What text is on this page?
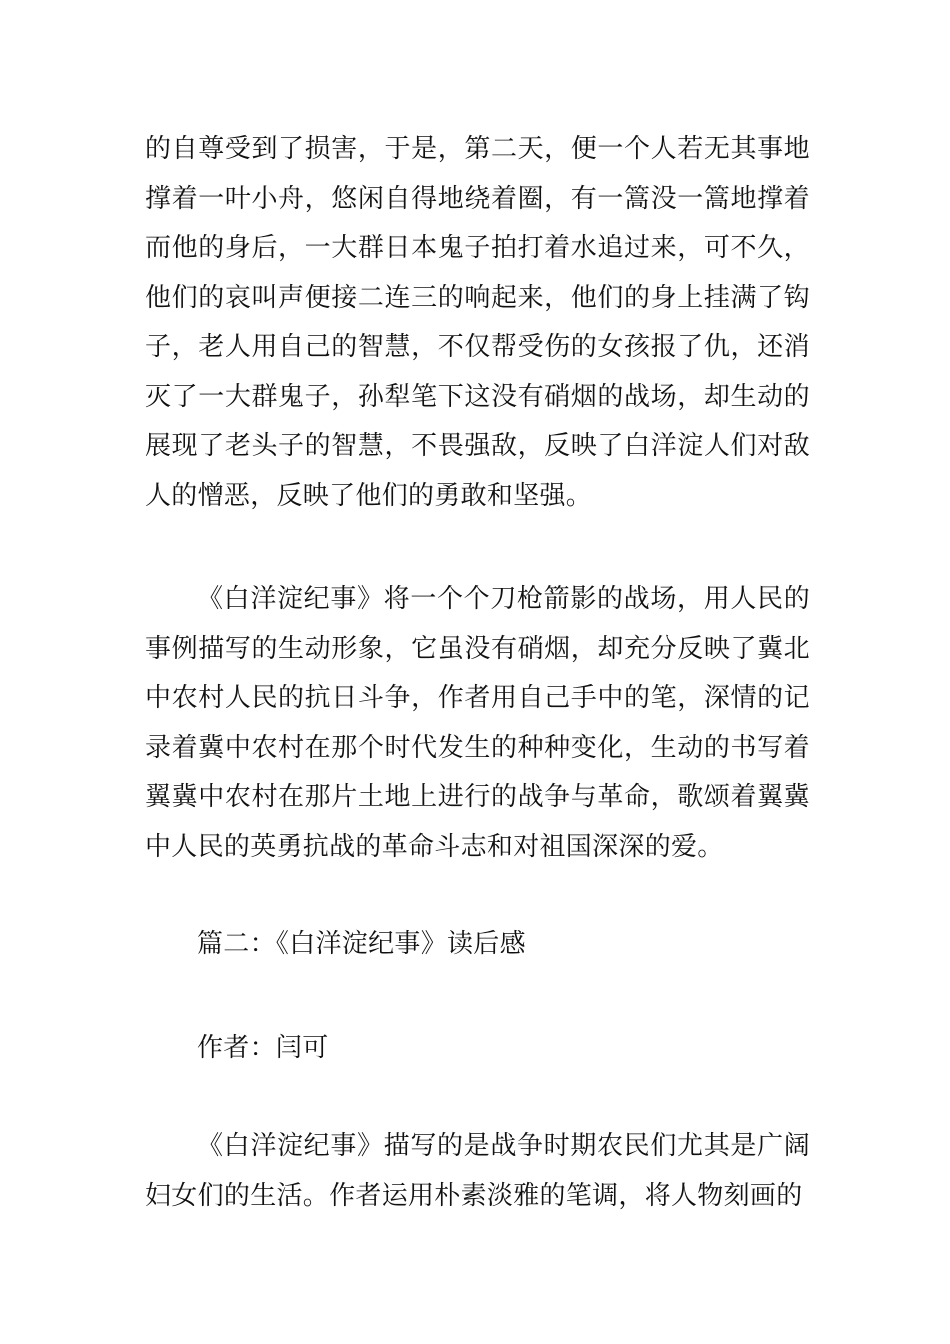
的自尊受到了损害，于是，第二天，便一个人若无其事地撑着一叶小舟，悠闲自得地绕着圈，有一篙没一篙地撑着而他的身后，一大群日本鬼子拍打着水追过来，可不久，他们的哀叫声便接二连三的响起来，他们的身上挂满了钩子，老人用自己的智慧，不仅帮受伤的女孩报了仇，还消灭了一大群鬼子，孙犁笔下这没有硝烟的战场，却生动的展现了老头子的智慧，不畏强敌，反映了白洋淀人们对敌人的憎恶，反映了他们的勇敢和坚强。

《白洋淀纪事》将一个个刀枪箭影的战场，用人民的事例描写的生动形象，它虽没有硝烟，却充分反映了冀北中农村人民的抗日斗争，作者用自己手中的笔，深情的记录着冀中农村在那个时代发生的种种变化，生动的书写着翼冀中农村在那片土地上进行的战争与革命，歌颂着翼冀中人民的英勇抗战的革命斗志和对祖国深深的爱。

篇二：《白洋淀纪事》读后感

作者：闫可

《白洋淀纪事》描写的是战争时期农民们尤其是广阔妇女们的生活。作者运用朴素淡雅的笔调，将人物刻画的
